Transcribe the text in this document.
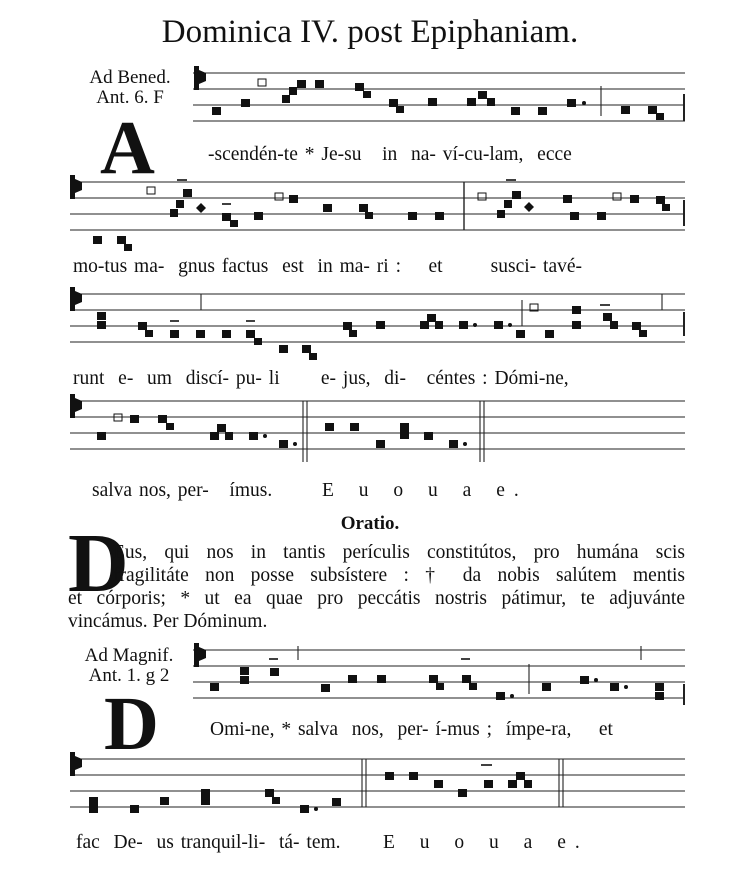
Dominica IV. post Epiphaniam.
Ad Bened.
Ant. 6. F
A	-scendén-te * Je-su   in  na- ví-cu-lam,  ecce
mo-tus ma-  gnus factus  est  in ma- ri :    et       susci- tavé-
runt  e-  um  discí- pu- li      e- jus,  di-   céntes : Dómi-ne,
salva nos, per-   ímus.	E u o u a e.
Oratio.
D
Eus, qui nos in tantis perículis constitútos, pro humána scis
fragilitáte non posse subsístere : † da nobis salútem mentis
et córporis; * ut ea quae pro peccátis nostris pátimur, te adjuvánte
vincámus. Per Dóminum.
Ad Magnif.
Ant. 1. g 2
D	Omi-ne, * salva  nos,  per- í-mus ;  ímpe-ra,    et
fac  De-  us tranquil-li-  tá- tem. E u o u a e.
